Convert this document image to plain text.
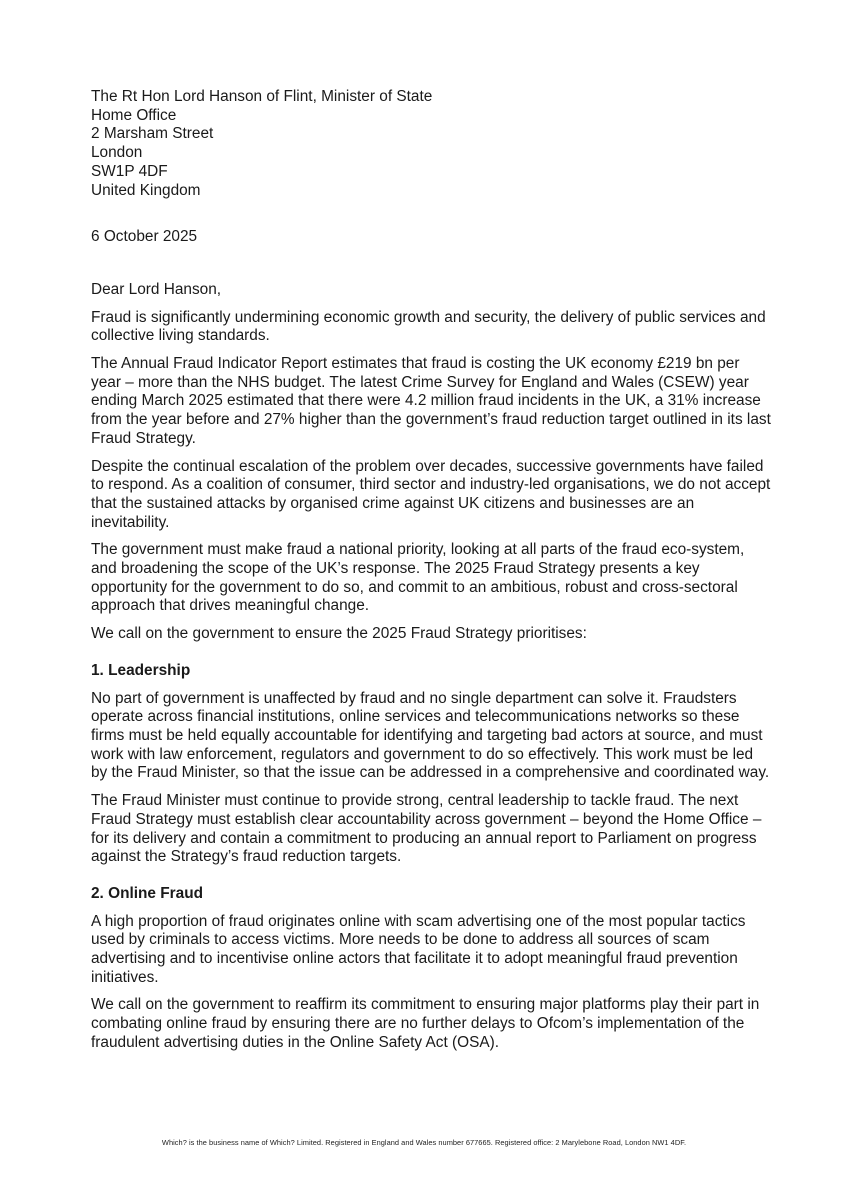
The Rt Hon Lord Hanson of Flint, Minister of State
Home Office
2 Marsham Street
London
SW1P 4DF
United Kingdom

6 October 2025

Dear Lord Hanson,

Fraud is significantly undermining economic growth and security, the delivery of public services and collective living standards.

The Annual Fraud Indicator Report estimates that fraud is costing the UK economy £219 bn per year – more than the NHS budget. The latest Crime Survey for England and Wales (CSEW) year ending March 2025 estimated that there were 4.2 million fraud incidents in the UK, a 31% increase from the year before and 27% higher than the government’s fraud reduction target outlined in its last Fraud Strategy.

Despite the continual escalation of the problem over decades, successive governments have failed to respond. As a coalition of consumer, third sector and industry-led organisations, we do not accept that the sustained attacks by organised crime against UK citizens and businesses are an inevitability.

The government must make fraud a national priority, looking at all parts of the fraud eco-system, and broadening the scope of the UK’s response. The 2025 Fraud Strategy presents a key opportunity for the government to do so, and commit to an ambitious, robust and cross-sectoral approach that drives meaningful change.

We call on the government to ensure the 2025 Fraud Strategy prioritises:

1. Leadership

No part of government is unaffected by fraud and no single department can solve it. Fraudsters operate across financial institutions, online services and telecommunications networks so these firms must be held equally accountable for identifying and targeting bad actors at source, and must work with law enforcement, regulators and government to do so effectively. This work must be led by the Fraud Minister, so that the issue can be addressed in a comprehensive and coordinated way.

The Fraud Minister must continue to provide strong, central leadership to tackle fraud. The next Fraud Strategy must establish clear accountability across government – beyond the Home Office – for its delivery and contain a commitment to producing an annual report to Parliament on progress against the Strategy’s fraud reduction targets.

2. Online Fraud

A high proportion of fraud originates online with scam advertising one of the most popular tactics used by criminals to access victims. More needs to be done to address all sources of scam advertising and to incentivise online actors that facilitate it to adopt meaningful fraud prevention initiatives.

We call on the government to reaffirm its commitment to ensuring major platforms play their part in combating online fraud by ensuring there are no further delays to Ofcom’s implementation of the fraudulent advertising duties in the Online Safety Act (OSA).

Which? is the business name of Which? Limited. Registered in England and Wales number 677665. Registered office: 2 Marylebone Road, London NW1 4DF.
